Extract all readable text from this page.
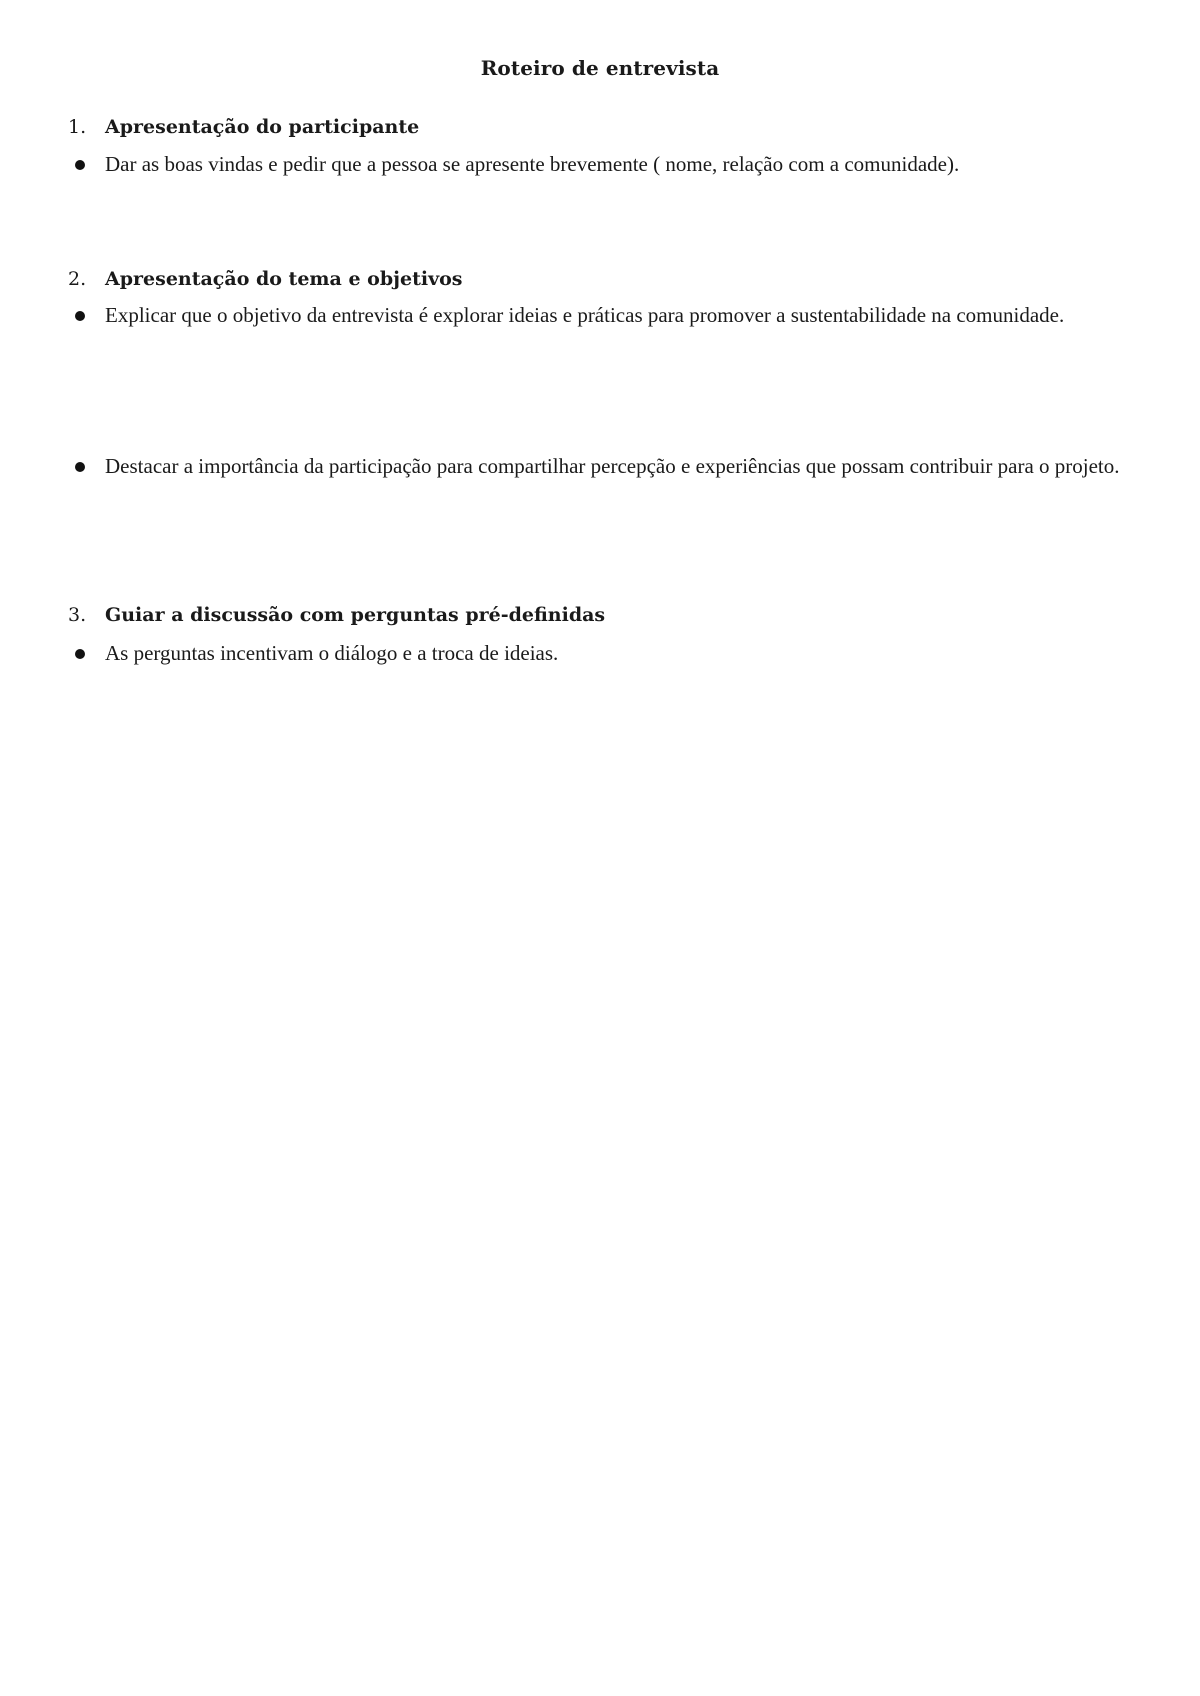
Roteiro de entrevista
1. Apresentação do participante
Dar as boas vindas e pedir que a pessoa se apresente brevemente ( nome, relação com a comunidade).
2. Apresentação do tema e objetivos
Explicar que o objetivo da entrevista é explorar ideias e práticas para promover a sustentabilidade na comunidade.
Destacar a importância da participação para compartilhar percepção e experiências que possam contribuir para o projeto.
3. Guiar a discussão com perguntas pré-definidas
As perguntas incentivam o diálogo e a troca de ideias.
